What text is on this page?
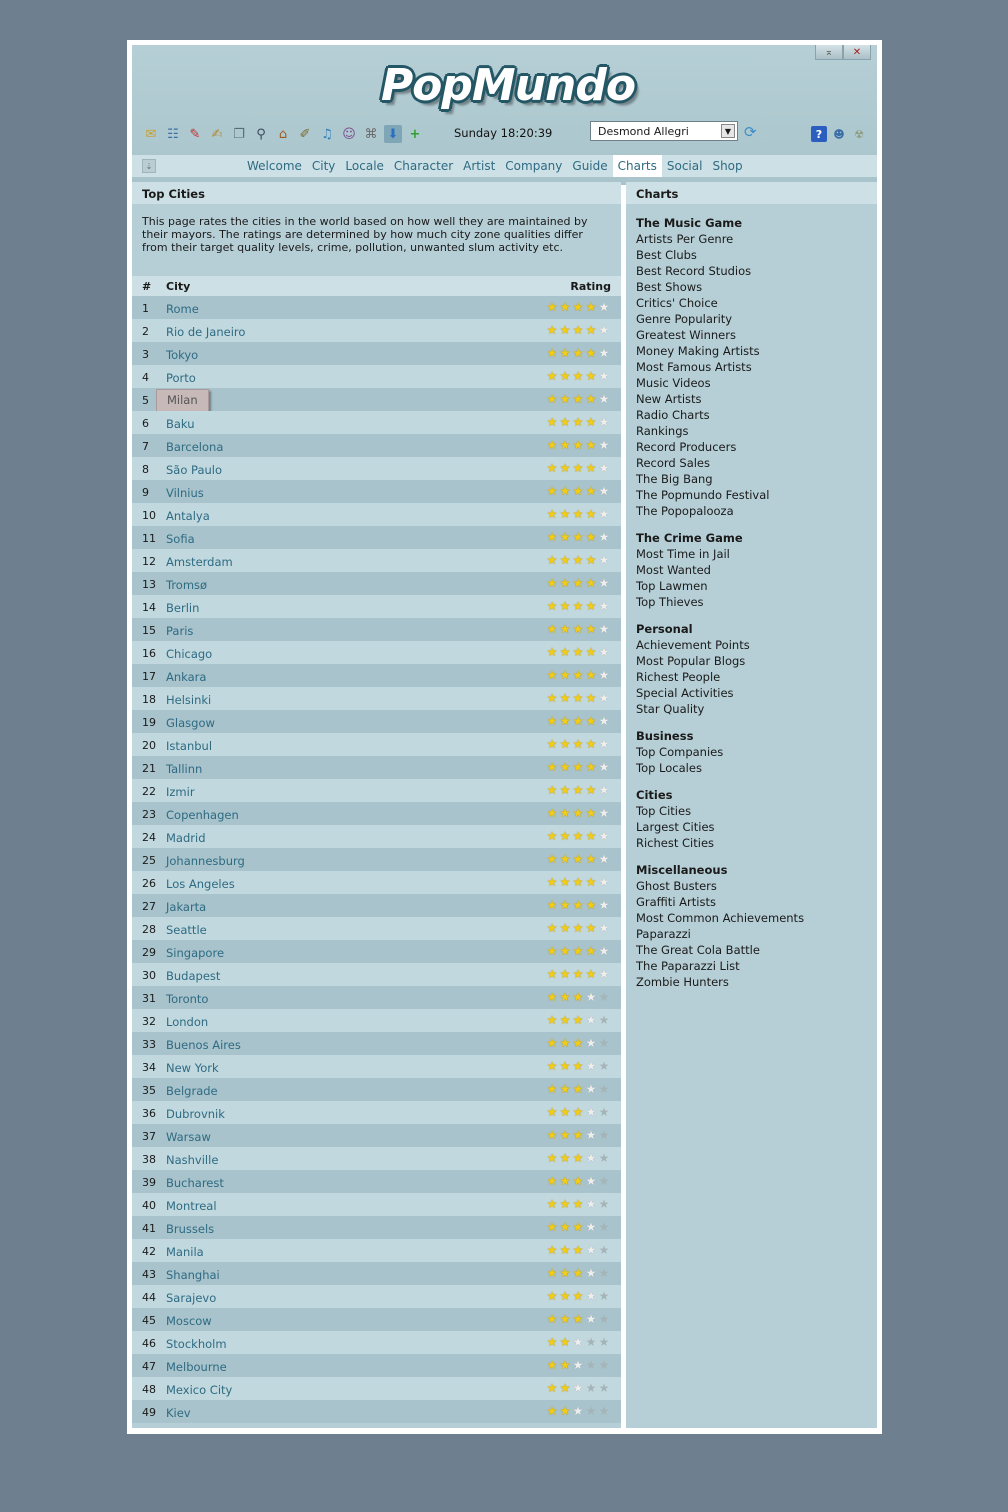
⌅ ✕
PopMundo
✉ ☷ ✎ ✍ ❐ ⚲	⌂ ✐ ♫ ☺ ⌘ ⬇ +	Sunday 18:20:39	Desmond Allegri	▼ ⟳	?	☻ ☢
⇣	Welcome City Locale Character Artist Company Guide Charts Social Shop
Top Cities
This page rates the cities in the world based on how well they are maintained by their mayors. The ratings are determined by how much city zone qualities differ from their target quality levels, crime, pollution, unwanted slum activity etc.
# City	Rating
1 Rome	★ ★ ★ ★ ★
2 Rio de Janeiro	★ ★ ★ ★ ★
3 Tokyo	★ ★ ★ ★ ★
4 Porto	★ ★ ★ ★ ★
5	Milan	★ ★ ★ ★ ★
6 Baku	★ ★ ★ ★ ★
7 Barcelona	★ ★ ★ ★ ★
8 São Paulo	★ ★ ★ ★ ★
9 Vilnius	★ ★ ★ ★ ★
10 Antalya	★ ★ ★ ★ ★
11 Sofia	★ ★ ★ ★ ★
12 Amsterdam	★ ★ ★ ★ ★
13 Tromsø	★ ★ ★ ★ ★
14 Berlin	★ ★ ★ ★ ★
15 Paris	★ ★ ★ ★ ★
16 Chicago	★ ★ ★ ★ ★
17 Ankara	★ ★ ★ ★ ★
18 Helsinki	★ ★ ★ ★ ★
19 Glasgow	★ ★ ★ ★ ★
20 Istanbul	★ ★ ★ ★ ★
21 Tallinn	★ ★ ★ ★ ★
22 Izmir	★ ★ ★ ★ ★
23 Copenhagen	★ ★ ★ ★ ★
24 Madrid	★ ★ ★ ★ ★
25 Johannesburg	★ ★ ★ ★ ★
26 Los Angeles	★ ★ ★ ★ ★
27 Jakarta	★ ★ ★ ★ ★
28 Seattle	★ ★ ★ ★ ★
29 Singapore	★ ★ ★ ★ ★
30 Budapest	★ ★ ★ ★ ★
31 Toronto	★ ★ ★ ★ ★
32 London	★ ★ ★ ★ ★
33 Buenos Aires	★ ★ ★ ★ ★
34 New York	★ ★ ★ ★ ★
35 Belgrade	★ ★ ★ ★ ★
36 Dubrovnik	★ ★ ★ ★ ★
37 Warsaw	★ ★ ★ ★ ★
38 Nashville	★ ★ ★ ★ ★
39 Bucharest	★ ★ ★ ★ ★
40 Montreal	★ ★ ★ ★ ★
41 Brussels	★ ★ ★ ★ ★
42 Manila	★ ★ ★ ★ ★
43 Shanghai	★ ★ ★ ★ ★
44 Sarajevo	★ ★ ★ ★ ★
45 Moscow	★ ★ ★ ★ ★
46 Stockholm	★ ★ ★ ★ ★
47 Melbourne	★ ★ ★ ★ ★
48 Mexico City	★ ★ ★ ★ ★
49 Kiev	★ ★ ★ ★ ★
Charts
The Music Game
Artists Per Genre
Best Clubs
Best Record Studios
Best Shows
Critics' Choice
Genre Popularity
Greatest Winners
Money Making Artists
Most Famous Artists
Music Videos
New Artists
Radio Charts
Rankings
Record Producers
Record Sales
The Big Bang
The Popmundo Festival
The Popopalooza
The Crime Game
Most Time in Jail
Most Wanted
Top Lawmen
Top Thieves
Personal
Achievement Points
Most Popular Blogs
Richest People
Special Activities
Star Quality
Business
Top Companies
Top Locales
Cities
Top Cities
Largest Cities
Richest Cities
Miscellaneous
Ghost Busters
Graffiti Artists
Most Common Achievements
Paparazzi
The Great Cola Battle
The Paparazzi List
Zombie Hunters
